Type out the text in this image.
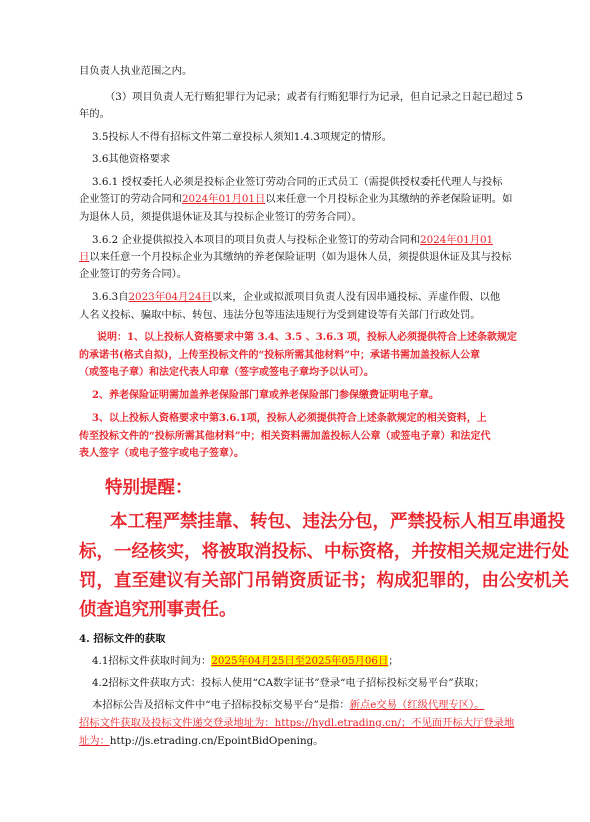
目负责人执业范围之内。
（3）项目负责人无行贿犯罪行为记录；或者有行贿犯罪行为记录，但自记录之日起已超过 5
年的。
3.5投标人不得有招标文件第二章投标人须知1.4.3项规定的情形。
3.6其他资格要求
3.6.1 授权委托人必须是投标企业签订劳动合同的正式员工（需提供授权委托代理人与投标
企业签订的劳动合同和2024年01月01日以来任意一个月投标企业为其缴纳的养老保险证明。如
为退休人员，须提供退休证及其与投标企业签订的劳务合同）。
3.6.2 企业提供拟投入本项目的项目负责人与投标企业签订的劳动合同和2024年01月01
日以来任意一个月投标企业为其缴纳的养老保险证明（如为退休人员，须提供退休证及其与投标
企业签订的劳务合同）。
3.6.3自2023年04月24日以来，企业或拟派项目负责人没有因串通投标、弄虚作假、以他
人名义投标、骗取中标、转包、违法分包等违法违规行为受到建设等有关部门行政处罚。
说明：1、以上投标人资格要求中第 3.4、3.5 、3.6.3 项，投标人必须提供符合上述条款规定
的承诺书(格式自拟)，上传至投标文件的“投标所需其他材料”中；承诺书需加盖投标人公章
（或签电子章）和法定代表人印章（签字或签电子章均予以认可）。
2、养老保险证明需加盖养老保险部门章或养老保险部门参保缴费证明电子章。
3、以上投标人资格要求中第3.6.1项，投标人必须提供符合上述条款规定的相关资料，上
传至投标文件的“投标所需其他材料”中；相关资料需加盖投标人公章（或签电子章）和法定代
表人签字（或电子签字或电子签章）。
特别提醒：
本工程严禁挂靠、转包、违法分包，严禁投标人相互串通投
标，一经核实，将被取消投标、中标资格，并按相关规定进行处
罚，直至建议有关部门吊销资质证书；构成犯罪的，由公安机关
侦查追究刑事责任。
4. 招标文件的获取
4.1招标文件获取时间为：2025年04月25日至2025年05月06日；
4.2招标文件获取方式：投标人使用“CA数字证书”登录“电子招标投标交易平台”获取；
本招标公告及招标文件中“电子招标投标交易平台”是指：新点e交易（红级代理专区）。
招标文件获取及投标文件递交登录地址为：https://hydl.etrading.cn/；不见面开标大厅登录地
址为：http://js.etrading.cn/EpointBidOpening。
